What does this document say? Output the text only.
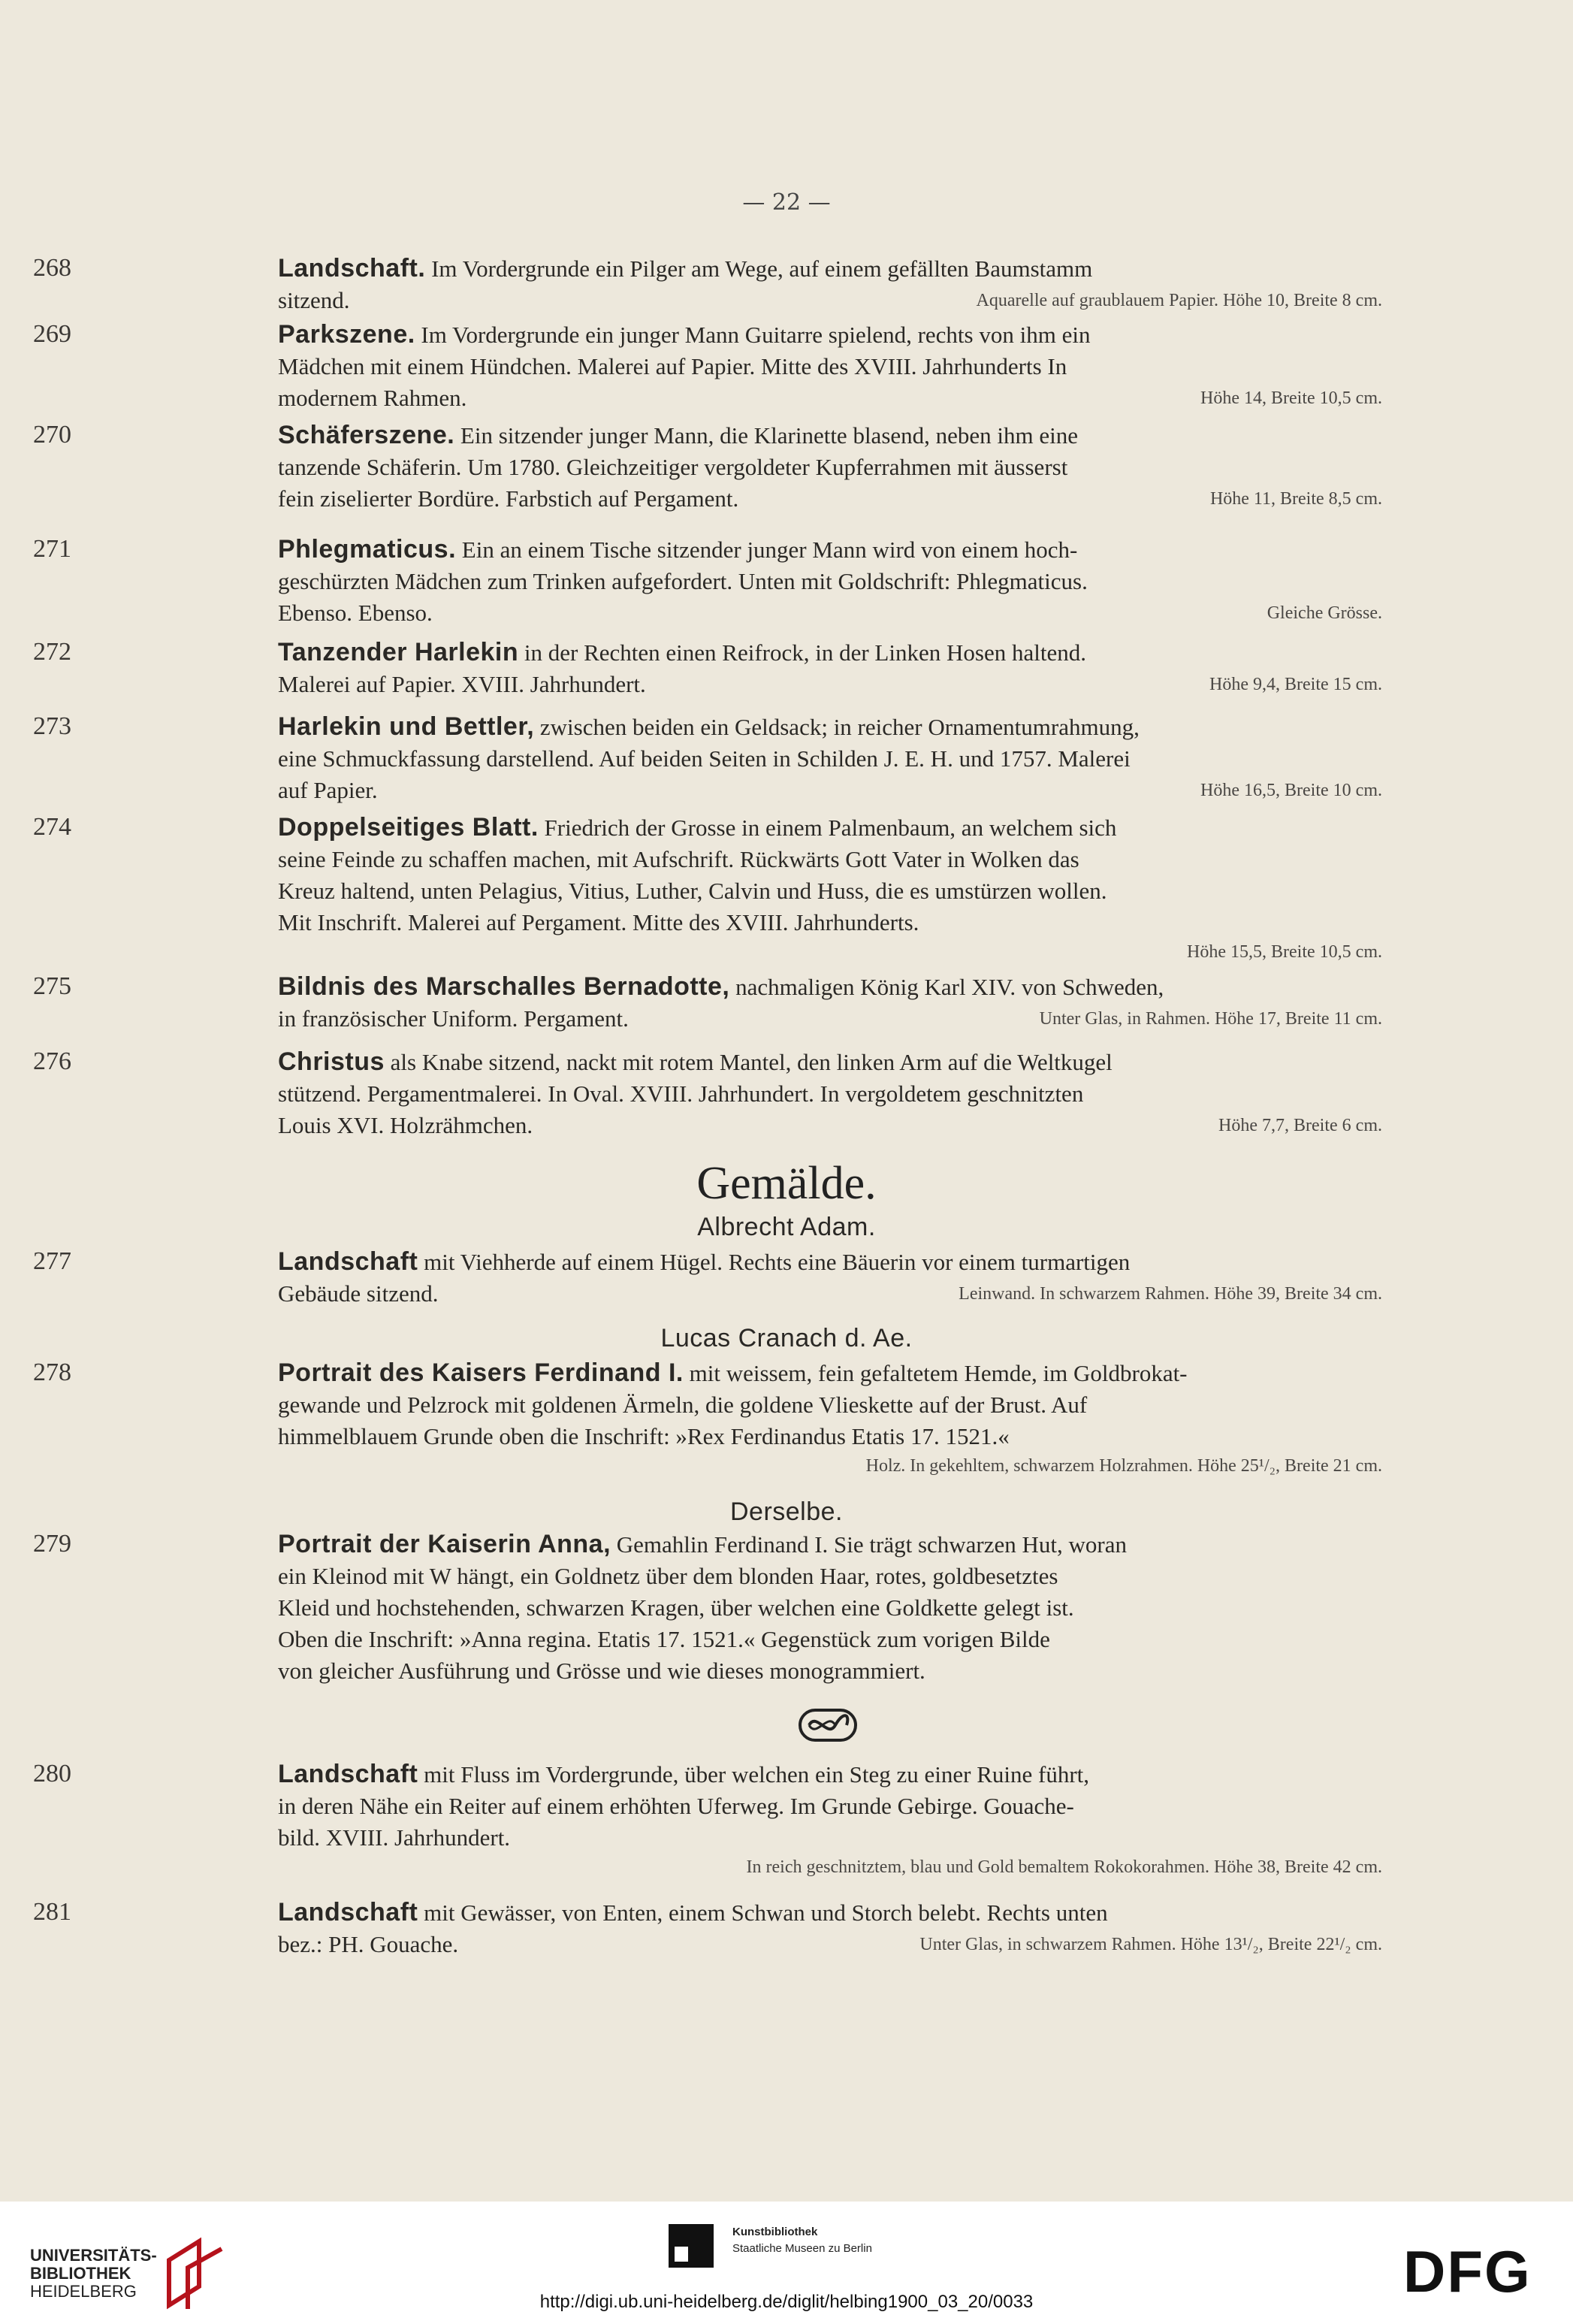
— 22 —
268	Landschaft. Im Vordergrunde ein Pilger am Wege, auf einem gefällten Baumstamm
sitzend.	Aquarelle auf graublauem Papier. Höhe 10, Breite 8 cm.
269	Parkszene. Im Vordergrunde ein junger Mann Guitarre spielend, rechts von ihm ein
Mädchen mit einem Hündchen. Malerei auf Papier. Mitte des XVIII. Jahrhunderts In
modernem Rahmen.	Höhe 14, Breite 10,5 cm.
270	Schäferszene. Ein sitzender junger Mann, die Klarinette blasend, neben ihm eine
tanzende Schäferin. Um 1780. Gleichzeitiger vergoldeter Kupferrahmen mit äusserst
fein ziselierter Bordüre. Farbstich auf Pergament.	Höhe 11, Breite 8,5 cm.
271	Phlegmaticus. Ein an einem Tische sitzender junger Mann wird von einem hoch-
geschürzten Mädchen zum Trinken aufgefordert. Unten mit Goldschrift: Phlegmaticus.
Ebenso. Ebenso.	Gleiche Grösse.
272	Tanzender Harlekin in der Rechten einen Reifrock, in der Linken Hosen haltend.
Malerei auf Papier. XVIII. Jahrhundert.	Höhe 9,4, Breite 15 cm.
273	Harlekin und Bettler, zwischen beiden ein Geldsack; in reicher Ornamentumrahmung,
eine Schmuckfassung darstellend. Auf beiden Seiten in Schilden J. E. H. und 1757. Malerei
auf Papier.	Höhe 16,5, Breite 10 cm.
274	Doppelseitiges Blatt. Friedrich der Grosse in einem Palmenbaum, an welchem sich
seine Feinde zu schaffen machen, mit Aufschrift. Rückwärts Gott Vater in Wolken das
Kreuz haltend, unten Pelagius, Vitius, Luther, Calvin und Huss, die es umstürzen wollen.
Mit Inschrift. Malerei auf Pergament. Mitte des XVIII. Jahrhunderts.
Höhe 15,5, Breite 10,5 cm.
275	Bildnis des Marschalles Bernadotte, nachmaligen König Karl XIV. von Schweden,
in französischer Uniform. Pergament.	Unter Glas, in Rahmen. Höhe 17, Breite 11 cm.
276	Christus als Knabe sitzend, nackt mit rotem Mantel, den linken Arm auf die Weltkugel
stützend. Pergamentmalerei. In Oval. XVIII. Jahrhundert. In vergoldetem geschnitzten
Louis XVI. Holzrähmchen.	Höhe 7,7, Breite 6 cm.
Gemälde.
Albrecht Adam.
277	Landschaft mit Viehherde auf einem Hügel. Rechts eine Bäuerin vor einem turmartigen
Gebäude sitzend.	Leinwand. In schwarzem Rahmen. Höhe 39, Breite 34 cm.
Lucas Cranach d. Ae.
278	Portrait des Kaisers Ferdinand I. mit weissem, fein gefaltetem Hemde, im Goldbrokat-
gewande und Pelzrock mit goldenen Ärmeln, die goldene Vlieskette auf der Brust. Auf
himmelblauem Grunde oben die Inschrift: »Rex Ferdinandus Etatis 17. 1521.«
Holz. In gekehltem, schwarzem Holzrahmen. Höhe 25¹/₂, Breite 21 cm.
Derselbe.
279	Portrait der Kaiserin Anna, Gemahlin Ferdinand I. Sie trägt schwarzen Hut, woran
ein Kleinod mit W hängt, ein Goldnetz über dem blonden Haar, rotes, goldbesetztes
Kleid und hochstehenden, schwarzen Kragen, über welchen eine Goldkette gelegt ist.
Oben die Inschrift: »Anna regina. Etatis 17. 1521.« Gegenstück zum vorigen Bilde
von gleicher Ausführung und Grösse und wie dieses monogrammiert.
280	Landschaft mit Fluss im Vordergrunde, über welchen ein Steg zu einer Ruine führt,
in deren Nähe ein Reiter auf einem erhöhten Uferweg. Im Grunde Gebirge. Gouache-
bild. XVIII. Jahrhundert.
In reich geschnitztem, blau und Gold bemaltem Rokokorahmen. Höhe 38, Breite 42 cm.
281	Landschaft mit Gewässer, von Enten, einem Schwan und Storch belebt. Rechts unten
bez.: PH. Gouache.	Unter Glas, in schwarzem Rahmen. Höhe 13¹/₂, Breite 22¹/₂ cm.
UNIVERSITÄTS-
BIBLIOTHEK
HEIDELBERG
Kunstbibliothek
Staatliche Museen zu Berlin	DFG
http://digi.ub.uni-heidelberg.de/diglit/helbing1900_03_20/0033
